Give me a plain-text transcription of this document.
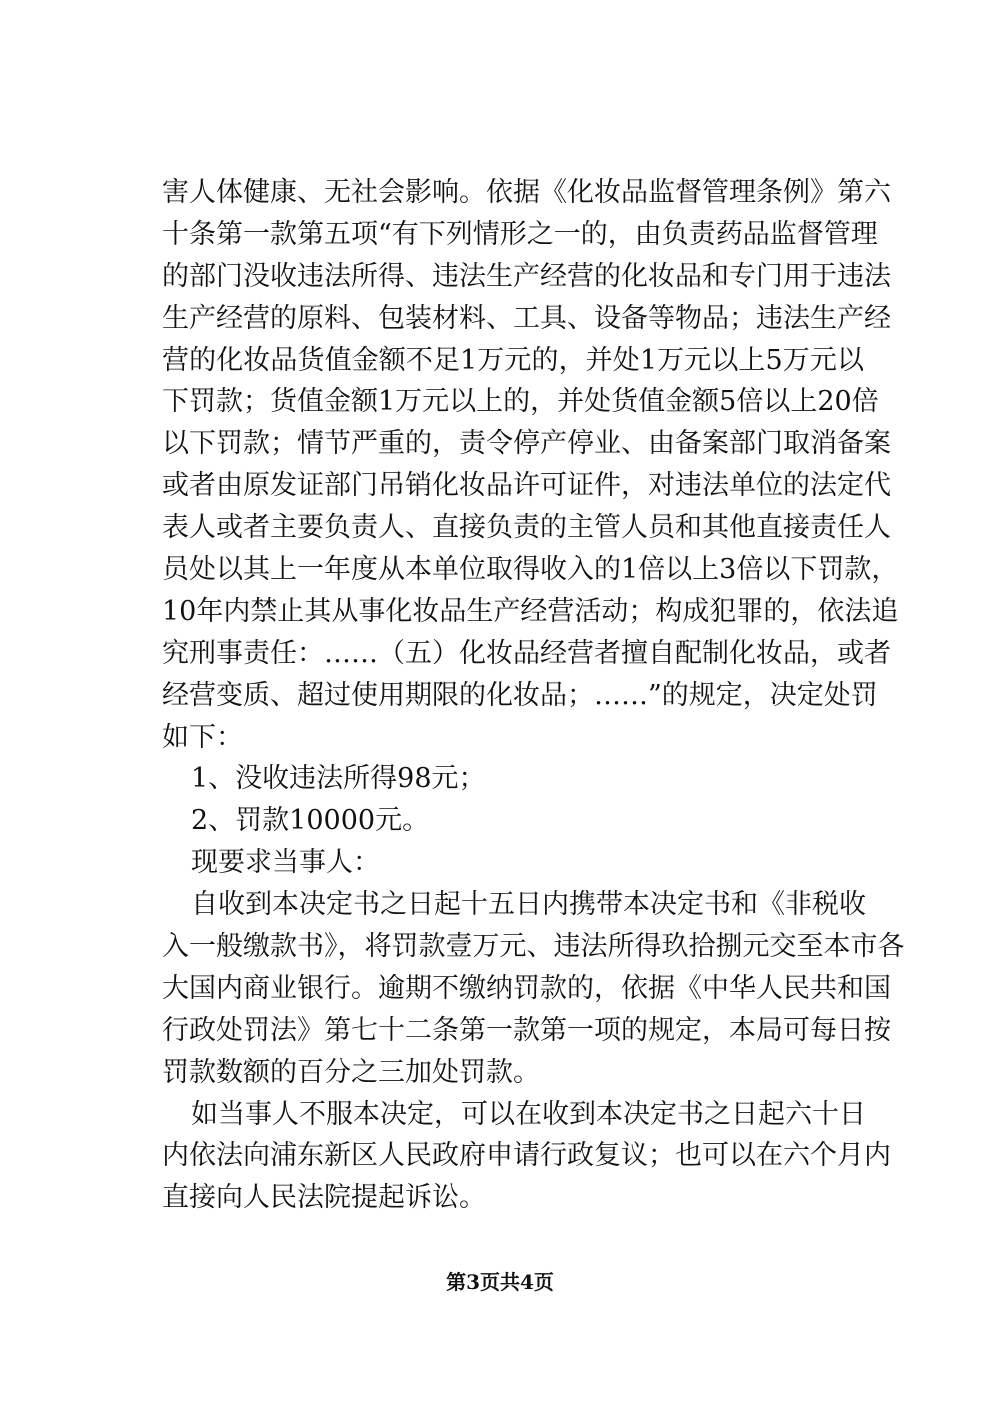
害人体健康、无社会影响。依据《化妆品监督管理条例》第六
十条第一款第五项“有下列情形之一的，由负责药品监督管理
的部门没收违法所得、违法生产经营的化妆品和专门用于违法
生产经营的原料、包装材料、工具、设备等物品；违法生产经
营的化妆品货值金额不足1万元的，并处1万元以上5万元以
下罚款；货值金额1万元以上的，并处货值金额5倍以上20倍
以下罚款；情节严重的，责令停产停业、由备案部门取消备案
或者由原发证部门吊销化妆品许可证件，对违法单位的法定代
表人或者主要负责人、直接负责的主管人员和其他直接责任人
员处以其上一年度从本单位取得收入的1倍以上3倍以下罚款，
10年内禁止其从事化妆品生产经营活动；构成犯罪的，依法追
究刑事责任：……（五）化妆品经营者擅自配制化妆品，或者
经营变质、超过使用期限的化妆品；……”的规定，决定处罚
如下：
1、没收违法所得98元；
2、罚款10000元。
现要求当事人：
自收到本决定书之日起十五日内携带本决定书和《非税收
入一般缴款书》，将罚款壹万元、违法所得玖拾捌元交至本市各
大国内商业银行。逾期不缴纳罚款的，依据《中华人民共和国
行政处罚法》第七十二条第一款第一项的规定，本局可每日按
罚款数额的百分之三加处罚款。
如当事人不服本决定，可以在收到本决定书之日起六十日
内依法向浦东新区人民政府申请行政复议；也可以在六个月内
直接向人民法院提起诉讼。
第3页共4页
